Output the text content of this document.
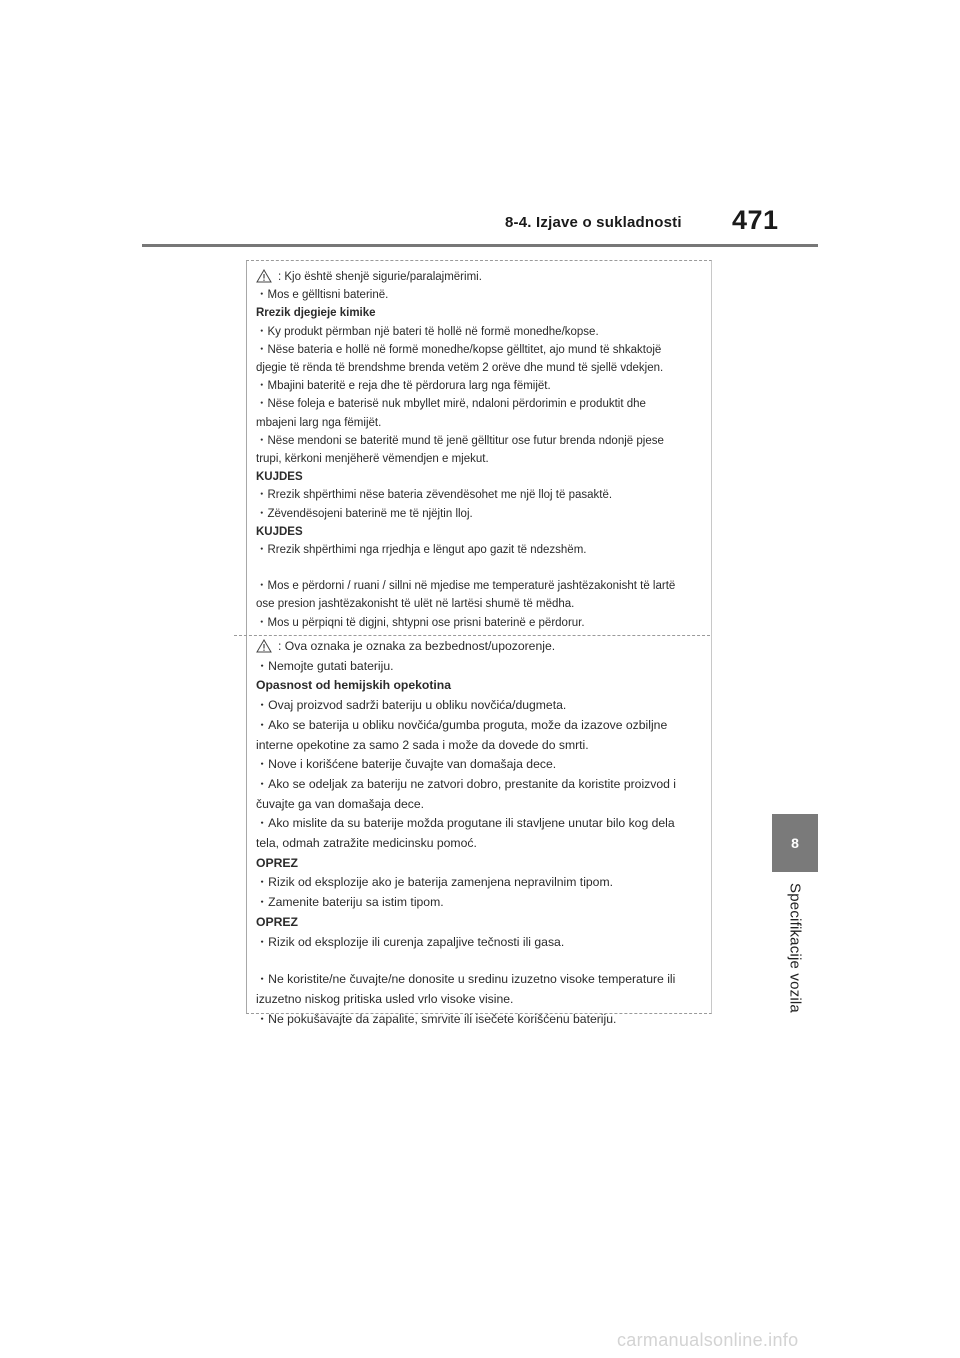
8-4. Izjave o sukladnosti 471
8
Specifikacije vozila
: Kjo është shenjë sigurie/paralajmërimi.
・Mos e gëlltisni baterinë.
Rrezik djegieje kimike
・Ky produkt përmban një bateri të hollë në formë monedhe/kopse.
・Nëse bateria e hollë në formë monedhe/kopse gëlltitet, ajo mund të shkaktojë
djegie të rënda të brendshme brenda vetëm 2 orëve dhe mund të sjellë vdekjen.
・Mbajini bateritë e reja dhe të përdorura larg nga fëmijët.
・Nëse foleja e baterisë nuk mbyllet mirë, ndaloni përdorimin e produktit dhe
mbajeni larg nga fëmijët.
・Nëse mendoni se bateritë mund të jenë gëlltitur ose futur brenda ndonjë pjese
trupi, kërkoni menjëherë vëmendjen e mjekut.
KUJDES
・Rrezik shpërthimi nëse bateria zëvendësohet me një lloj të pasaktë.
・Zëvendësojeni baterinë me të njëjtin lloj.
KUJDES
・Rrezik shpërthimi nga rrjedhja e lëngut apo gazit të ndezshëm.
・Mos e përdorni / ruani / sillni në mjedise me temperaturë jashtëzakonisht të lartë
ose presion jashtëzakonisht të ulët në lartësi shumë të mëdha.
・Mos u përpiqni të digjni, shtypni ose prisni baterinë e përdorur.
: Ova oznaka je oznaka za bezbednost/upozorenje.
・Nemojte gutati bateriju.
Opasnost od hemijskih opekotina
・Ovaj proizvod sadrži bateriju u obliku novčića/dugmeta.
・Ako se baterija u obliku novčića/gumba proguta, može da izazove ozbiljne
interne opekotine za samo 2 sada i može da dovede do smrti.
・Nove i korišćene baterije čuvajte van domašaja dece.
・Ako se odeljak za bateriju ne zatvori dobro, prestanite da koristite proizvod i
čuvajte ga van domašaja dece.
・Ako mislite da su baterije možda progutane ili stavljene unutar bilo kog dela
tela, odmah zatražite medicinsku pomoć.
OPREZ
・Rizik od eksplozije ako je baterija zamenjena nepravilnim tipom.
・Zamenite bateriju sa istim tipom.
OPREZ
・Rizik od eksplozije ili curenja zapaljive tečnosti ili gasa.
・Ne koristite/ne čuvajte/ne donosite u sredinu izuzetno visoke temperature ili
izuzetno niskog pritiska usled vrlo visoke visine.
・Ne pokušavajte da zapalite, smrvite ili isečete korišćenu bateriju.
carmanualsonline.info
